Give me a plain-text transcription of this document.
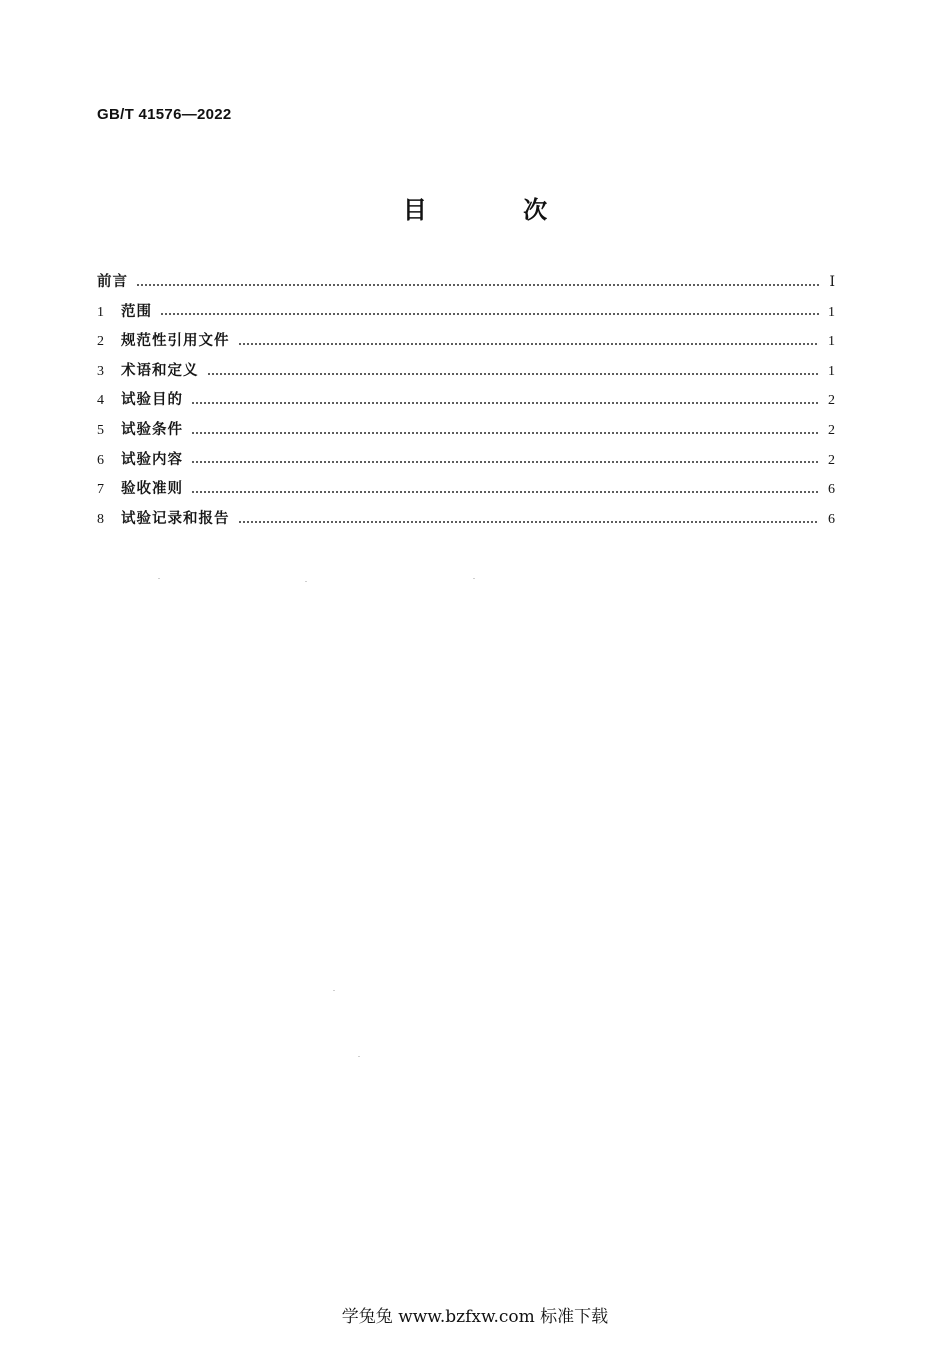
GB/T 41576—2022
目 次
前言	Ⅰ
1	范围	1
2	规范性引用文件	1
3	术语和定义	1
4	试验目的	2
5	试验条件	2
6	试验内容	2
7	验收准则	6
8	试验记录和报告	6
学兔兔 www.bzfxw.com 标准下载
